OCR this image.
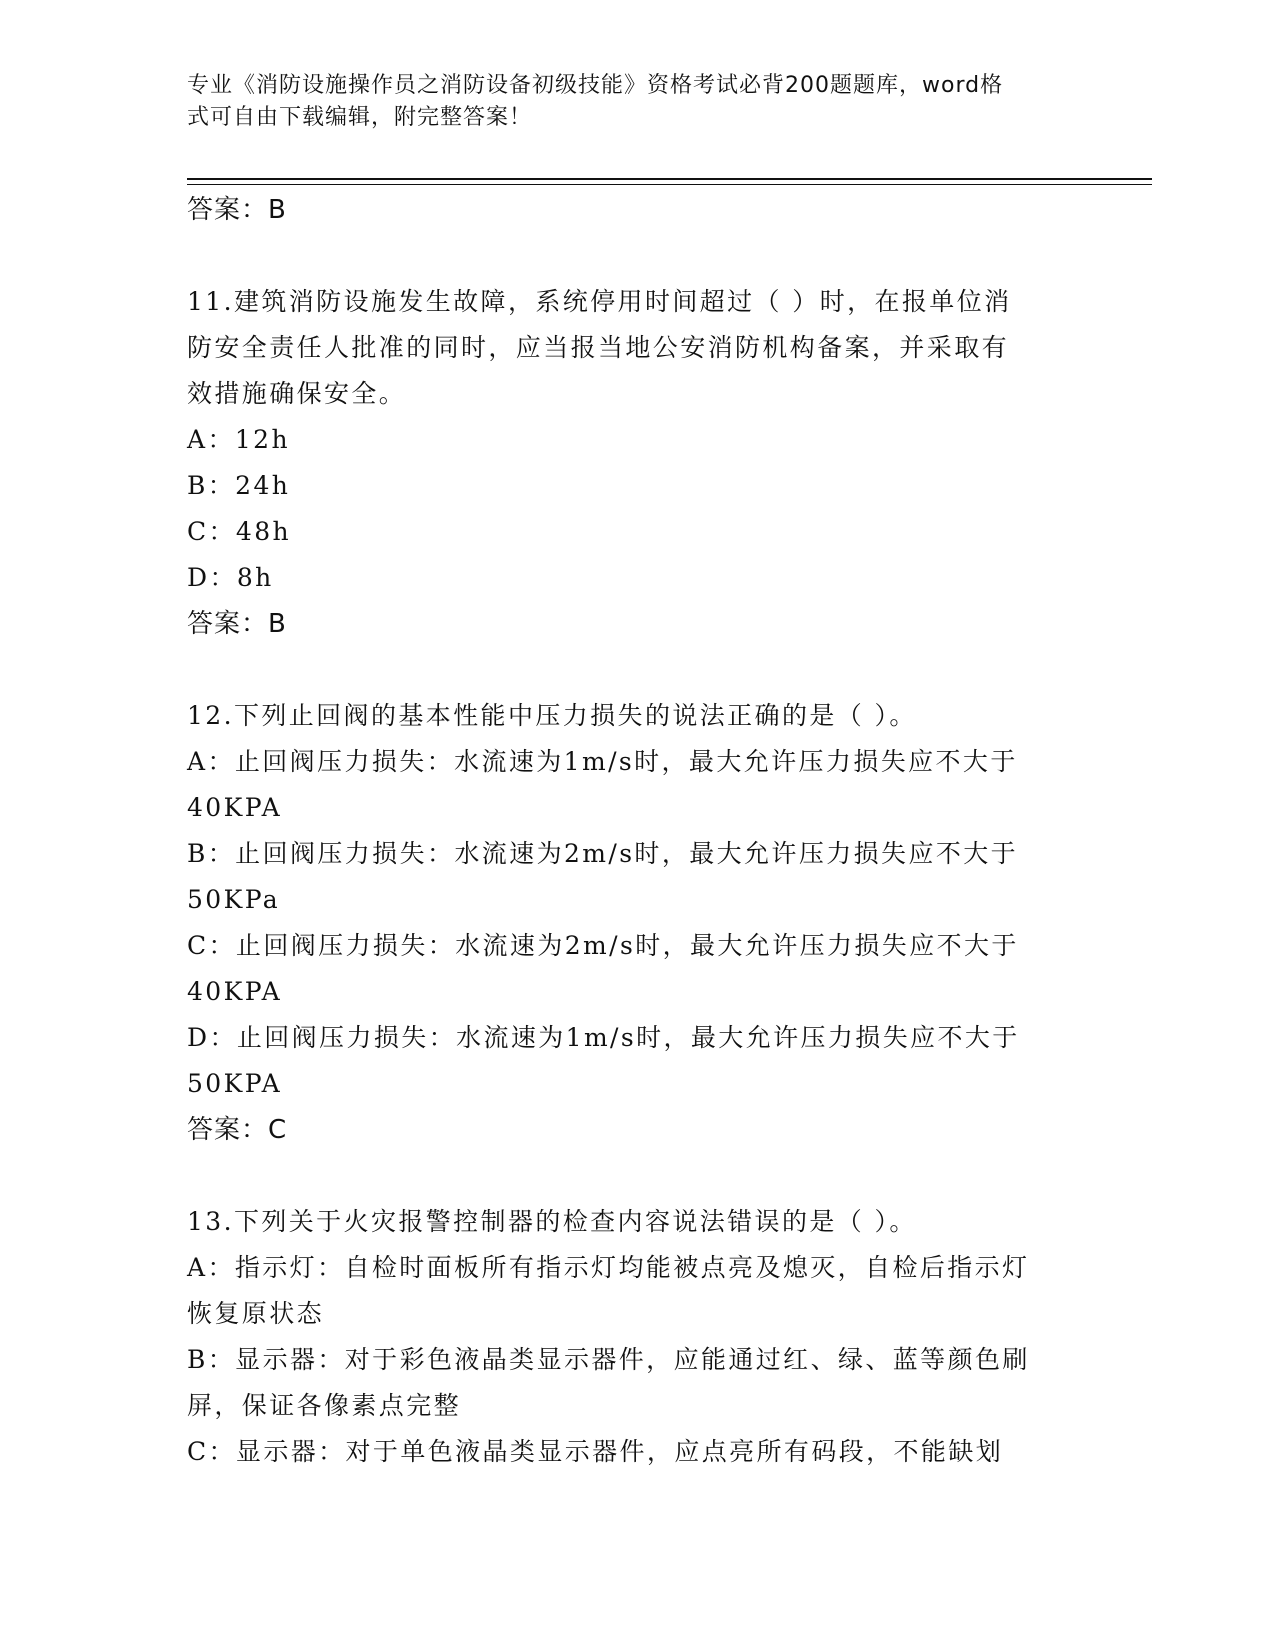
专业《消防设施操作员之消防设备初级技能》资格考试必背200题题库，word格
式可自由下载编辑，附完整答案！
答案：B
11.建筑消防设施发生故障，系统停用时间超过（ ）时，在报单位消
防安全责任人批准的同时，应当报当地公安消防机构备案，并采取有
效措施确保安全。
A：12h
B：24h
C：48h
D：8h
答案：B
12.下列止回阀的基本性能中压力损失的说法正确的是（ ）。
A：止回阀压力损失：水流速为1m/s时，最大允许压力损失应不大于
40KPA
B：止回阀压力损失：水流速为2m/s时，最大允许压力损失应不大于
50KPa
C：止回阀压力损失：水流速为2m/s时，最大允许压力损失应不大于
40KPA
D：止回阀压力损失：水流速为1m/s时，最大允许压力损失应不大于
50KPA
答案：C
13.下列关于火灾报警控制器的检查内容说法错误的是（ ）。
A：指示灯：自检时面板所有指示灯均能被点亮及熄灭，自检后指示灯
恢复原状态
B：显示器：对于彩色液晶类显示器件，应能通过红、绿、蓝等颜色刷
屏，保证各像素点完整
C：显示器：对于单色液晶类显示器件，应点亮所有码段，不能缺划
